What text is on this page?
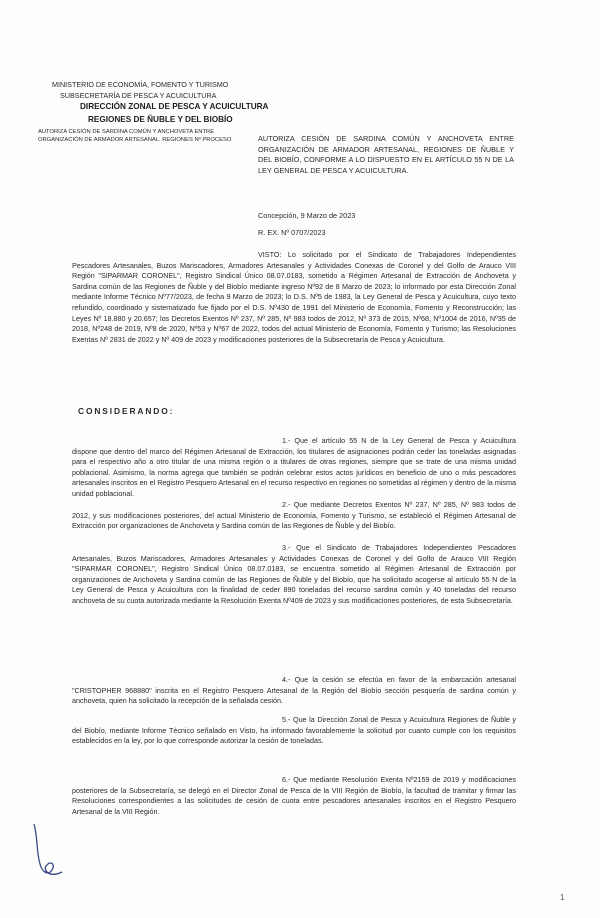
MINISTERIO DE ECONOMÍA, FOMENTO Y TURISMO
SUBSECRETARÍA DE PESCA Y ACUICULTURA
DIRECCIÓN ZONAL DE PESCA Y ACUICULTURA
REGIONES DE ÑUBLE Y DEL BIOBÍO
AUTORIZA CESIÓN DE SARDINA COMÚN Y ANCHOVETA ENTRE
ORGANIZACIÓN DE ARMADOR ARTESANAL. REGIONES Nº PROCESO	AUTORIZA CESIÓN DE SARDINA COMÚN Y ANCHOVETA ENTRE ORGANIZACIÓN DE ARMADOR ARTESANAL, REGIONES DE ÑUBLE Y DEL BIOBÍO, CONFORME A LO DISPUESTO EN EL ARTÍCULO 55 N DE LA LEY GENERAL DE PESCA Y ACUICULTURA.
Concepción, 9 Marzo de 2023
R. EX. Nº 0707/2023
VISTO: Lo solicitado por el Sindicato de Trabajadores Independientes Pescadores Artesanales, Buzos Mariscadores, Armadores Artesanales y Actividades Conexas de Coronel y del Golfo de Arauco VIII Región "SIPARMAR CORONEL", Registro Sindical Único 08.07.0183, sometido a Régimen Artesanal de Extracción de Anchoveta y Sardina común de las Regiones de Ñuble y del Biobío mediante ingreso Nº92 de 8 Marzo de 2023; lo informado por esta Dirección Zonal mediante Informe Técnico Nº77/2023, de fecha 9 Marzo de 2023; lo D.S. Nº5 de 1983, la Ley General de Pesca y Acuicultura, cuyo texto refundido, coordinado y sistematizado fue fijado por el D.S. Nº430 de 1991 del Ministerio de Economía, Fomento y Reconstrucción; las Leyes Nº 18.880 y 20.657; los Decretos Exentos Nº 237, Nº 285, Nº 983 todos de 2012, Nº 373 de 2015, Nº68, Nº1004 de 2016, Nº35 de 2018, Nº248 de 2019, Nº8 de 2020, Nº53 y Nº67 de 2022, todos del actual Ministerio de Economía, Fomento y Turismo; las Resoluciones Exentas Nº 2831 de 2022 y Nº 409 de 2023 y modificaciones posteriores de la Subsecretaría de Pesca y Acuicultura.
CONSIDERANDO:
1.- Que el artículo 55 N de la Ley General de Pesca y Acuicultura dispone que dentro del marco del Régimen Artesanal de Extracción, los titulares de asignaciones podrán ceder las toneladas asignadas para el respectivo año a otro titular de una misma región o a titulares de otras regiones, siempre que se trate de una misma unidad poblacional. Asimismo, la norma agrega que también se podrán celebrar estos actos jurídicos en beneficio de uno o más pescadores artesanales inscritos en el Registro Pesquero Artesanal en el recurso respectivo en regiones no sometidas al régimen y dentro de la misma unidad poblacional.
2.- Que mediante Decretos Exentos Nº 237, Nº 285, Nº 983 todos de 2012, y sus modificaciones posteriores, del actual Ministerio de Economía, Fomento y Turismo, se estableció el Régimen Artesanal de Extracción por organizaciones de Anchoveta y Sardina común de las Regiones de Ñuble y del Biobío.
3.- Que el Sindicato de Trabajadores Independientes Pescadores Artesanales, Buzos Mariscadores, Armadores Artesanales y Actividades Conexas de Coronel y del Golfo de Arauco VIII Región "SIPARMAR CORONEL", Registro Sindical Único 08.07.0183, se encuentra sometido al Régimen Artesanal de Extracción por organizaciones de Anchoveta y Sardina común de las Regiones de Ñuble y del Biobío, que ha solicitado acogerse al artículo 55 N de la Ley General de Pesca y Acuicultura con la finalidad de ceder 890 toneladas del recurso sardina común y 40 toneladas del recurso anchoveta de su cuota autorizada mediante la Resolución Exenta Nº409 de 2023 y sus modificaciones posteriores, de esta Subsecretaría.
4.- Que la cesión se efectúa en favor de la embarcación artesanal "CRISTOPHER 968880" inscrita en el Registro Pesquero Artesanal de la Región del Biobío sección pesquería de sardina común y anchoveta, quien ha solicitado la recepción de la señalada cesión.
5.- Que la Dirección Zonal de Pesca y Acuicultura Regiones de Ñuble y del Biobío, mediante Informe Técnico señalado en Visto, ha informado favorablemente la solicitud por cuanto cumple con los requisitos establecidos en la ley, por lo que corresponde autorizar la cesión de toneladas.
6.- Que mediante Resolución Exenta Nº2159 de 2019 y modificaciones posteriores de la Subsecretaría, se delegó en el Director Zonal de Pesca de la VIII Región de Biobío, la facultad de tramitar y firmar las Resoluciones correspondientes a las solicitudes de cesión de cuota entre pescadores artesanales inscritos en el Registro Pesquero Artesanal de la VIII Región.
1
